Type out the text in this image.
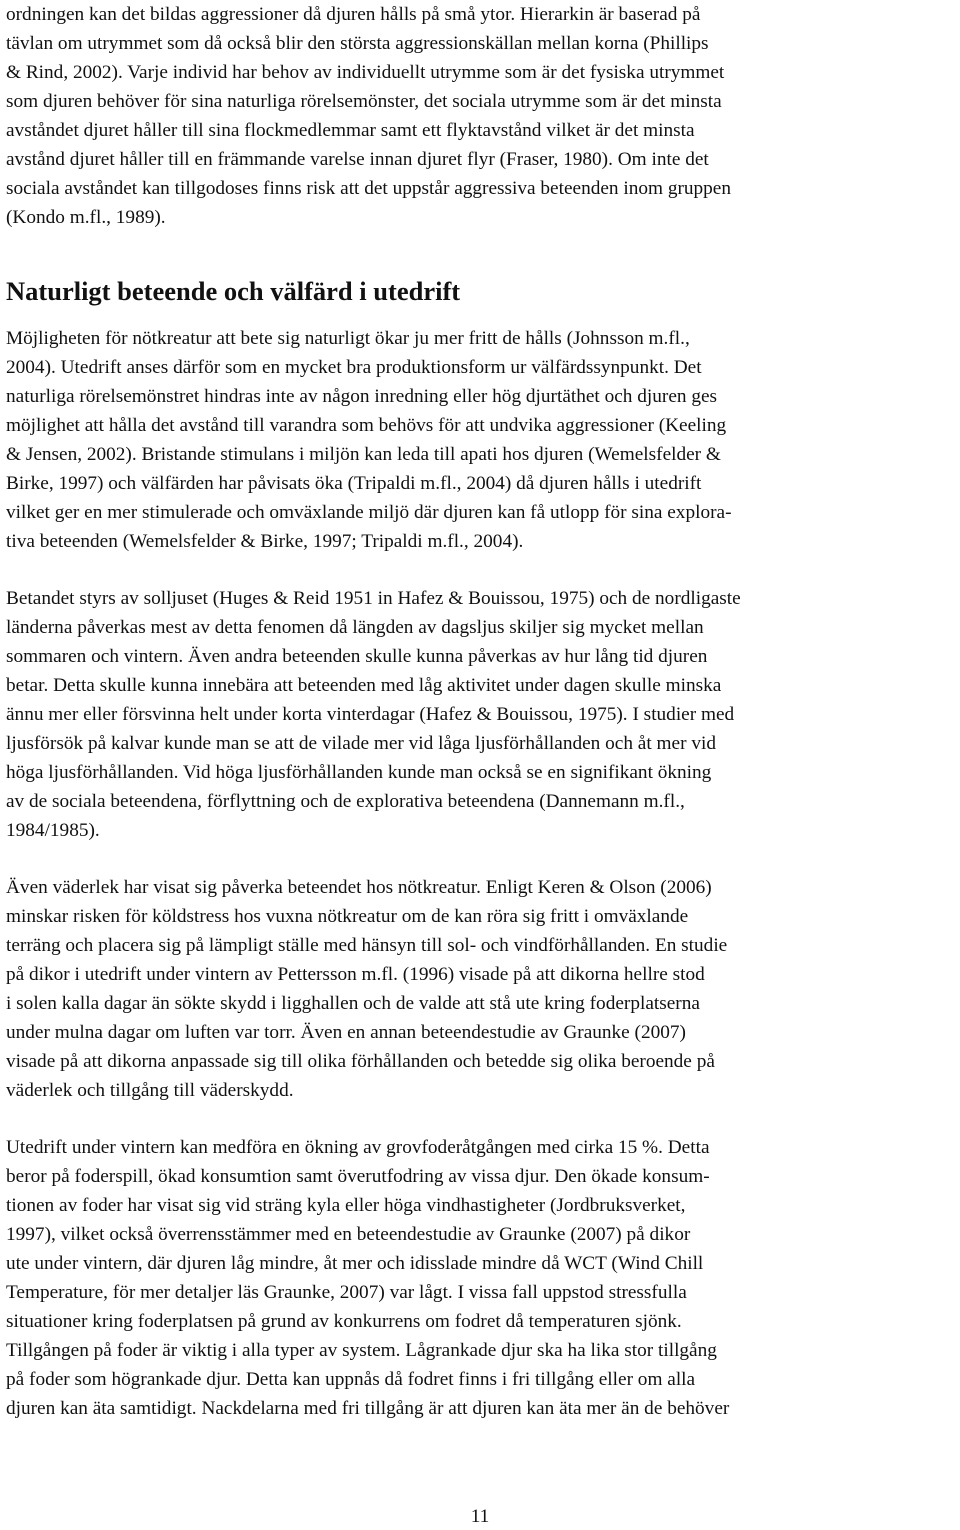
ordningen kan det bildas aggressioner då djuren hålls på små ytor. Hierarkin är baserad på
tävlan om utrymmet som då också blir den största aggressionskällan mellan korna (Phillips
& Rind, 2002). Varje individ har behov av individuellt utrymme som är det fysiska utrymmet
som djuren behöver för sina naturliga rörelsemönster, det sociala utrymme som är det minsta
avståndet djuret håller till sina flockmedlemmar samt ett flyktavstånd vilket är det minsta
avstånd djuret håller till en främmande varelse innan djuret flyr (Fraser, 1980). Om inte det
sociala avståndet kan tillgodoses finns risk att det uppstår aggressiva beteenden inom gruppen
(Kondo m.fl., 1989).

Naturligt beteende och välfärd i utedrift

Möjligheten för nötkreatur att bete sig naturligt ökar ju mer fritt de hålls (Johnsson m.fl.,
2004). Utedrift anses därför som en mycket bra produktionsform ur välfärdssynpunkt. Det
naturliga rörelsemönstret hindras inte av någon inredning eller hög djurtäthet och djuren ges
möjlighet att hålla det avstånd till varandra som behövs för att undvika aggressioner (Keeling
& Jensen, 2002). Bristande stimulans i miljön kan leda till apati hos djuren (Wemelsfelder &
Birke, 1997) och välfärden har påvisats öka (Tripaldi m.fl., 2004) då djuren hålls i utedrift
vilket ger en mer stimulerade och omväxlande miljö där djuren kan få utlopp för sina explora-
tiva beteenden (Wemelsfelder & Birke, 1997; Tripaldi m.fl., 2004).

Betandet styrs av solljuset (Huges & Reid 1951 in Hafez & Bouissou, 1975) och de nordligaste
länderna påverkas mest av detta fenomen då längden av dagsljus skiljer sig mycket mellan
sommaren och vintern. Även andra beteenden skulle kunna påverkas av hur lång tid djuren
betar. Detta skulle kunna innebära att beteenden med låg aktivitet under dagen skulle minska
ännu mer eller försvinna helt under korta vinterdagar (Hafez & Bouissou, 1975). I studier med
ljusförsök på kalvar kunde man se att de vilade mer vid låga ljusförhållanden och åt mer vid
höga ljusförhållanden. Vid höga ljusförhållanden kunde man också se en signifikant ökning
av de sociala beteendena, förflyttning och de explorativa beteendena (Dannemann m.fl.,
1984/1985).

Även väderlek har visat sig påverka beteendet hos nötkreatur. Enligt Keren & Olson (2006)
minskar risken för köldstress hos vuxna nötkreatur om de kan röra sig fritt i omväxlande
terräng och placera sig på lämpligt ställe med hänsyn till sol- och vindförhållanden. En studie
på dikor i utedrift under vintern av Pettersson m.fl. (1996) visade på att dikorna hellre stod
i solen kalla dagar än sökte skydd i ligghallen och de valde att stå ute kring foderplatserna
under mulna dagar om luften var torr. Även en annan beteendestudie av Graunke (2007)
visade på att dikorna anpassade sig till olika förhållanden och betedde sig olika beroende på
väderlek och tillgång till väderskydd.

Utedrift under vintern kan medföra en ökning av grovfoderåtgången med cirka 15 %. Detta
beror på foderspill, ökad konsumtion samt överutfodring av vissa djur. Den ökade konsum-
tionen av foder har visat sig vid sträng kyla eller höga vindhastigheter (Jordbruksverket,
1997), vilket också överrensstämmer med en beteendestudie av Graunke (2007) på dikor
ute under vintern, där djuren låg mindre, åt mer och idisslade mindre då WCT (Wind Chill
Temperature, för mer detaljer läs Graunke, 2007) var lågt. I vissa fall uppstod stressfulla
situationer kring foderplatsen på grund av konkurrens om fodret då temperaturen sjönk.
Tillgången på foder är viktig i alla typer av system. Lågrankade djur ska ha lika stor tillgång
på foder som högrankade djur. Detta kan uppnås då fodret finns i fri tillgång eller om alla
djuren kan äta samtidigt. Nackdelarna med fri tillgång är att djuren kan äta mer än de behöver

11
